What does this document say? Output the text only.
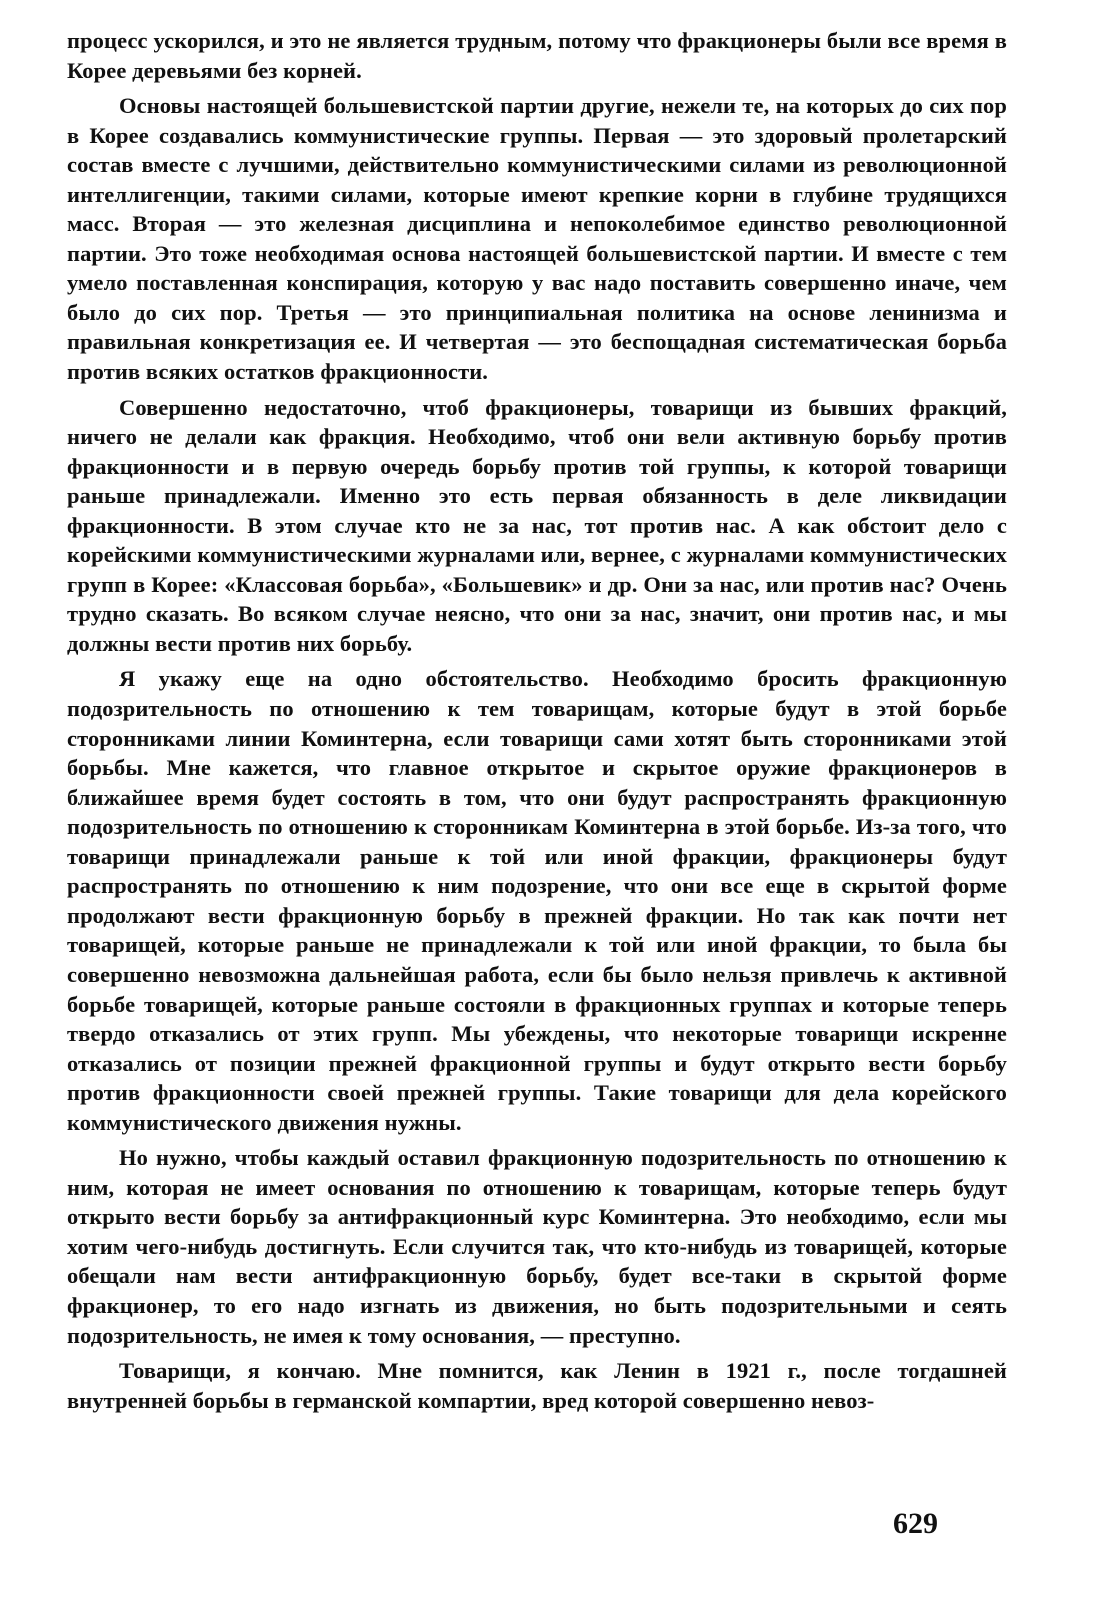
процесс ускорился, и это не является трудным, потому что фракционеры были все время в Корее деревьями без корней.

Основы настоящей большевистской партии другие, нежели те, на которых до сих пор в Корее создавались коммунистические группы. Первая — это здоровый пролетарский состав вместе с лучшими, действительно коммунистическими силами из революционной интеллигенции, такими силами, которые имеют крепкие корни в глубине трудящихся масс. Вторая — это железная дисциплина и непоколебимое единство революционной партии. Это тоже необходимая основа настоящей большевистской партии. И вместе с тем умело поставленная конспирация, которую у вас надо поставить совершенно иначе, чем было до сих пор. Третья — это принципиальная политика на основе ленинизма и правильная конкретизация ее. И четвертая — это беспощадная систематическая борьба против всяких остатков фракционности.

Совершенно недостаточно, чтоб фракционеры, товарищи из бывших фракций, ничего не делали как фракция. Необходимо, чтоб они вели активную борьбу против фракционности и в первую очередь борьбу против той группы, к которой товарищи раньше принадлежали. Именно это есть первая обязанность в деле ликвидации фракционности. В этом случае кто не за нас, тот против нас. А как обстоит дело с корейскими коммунистическими журналами или, вернее, с журналами коммунистических групп в Корее: «Классовая борьба», «Большевик» и др. Они за нас, или против нас? Очень трудно сказать. Во всяком случае неясно, что они за нас, значит, они против нас, и мы должны вести против них борьбу.

Я укажу еще на одно обстоятельство. Необходимо бросить фракционную подозрительность по отношению к тем товарищам, которые будут в этой борьбе сторонниками линии Коминтерна, если товарищи сами хотят быть сторонниками этой борьбы. Мне кажется, что главное открытое и скрытое оружие фракционеров в ближайшее время будет состоять в том, что они будут распространять фракционную подозрительность по отношению к сторонникам Коминтерна в этой борьбе. Из-за того, что товарищи принадлежали раньше к той или иной фракции, фракционеры будут распространять по отношению к ним подозрение, что они все еще в скрытой форме продолжают вести фракционную борьбу в прежней фракции. Но так как почти нет товарищей, которые раньше не принадлежали к той или иной фракции, то была бы совершенно невозможна дальнейшая работа, если бы было нельзя привлечь к активной борьбе товарищей, которые раньше состояли в фракционных группах и которые теперь твердо отказались от этих групп. Мы убеждены, что некоторые товарищи искренне отказались от позиции прежней фракционной группы и будут открыто вести борьбу против фракционности своей прежней группы. Такие товарищи для дела корейского коммунистического движения нужны.

Но нужно, чтобы каждый оставил фракционную подозрительность по отношению к ним, которая не имеет основания по отношению к товарищам, которые теперь будут открыто вести борьбу за антифракционный курс Коминтерна. Это необходимо, если мы хотим чего-нибудь достигнуть. Если случится так, что кто-нибудь из товарищей, которые обещали нам вести антифракционную борьбу, будет все-таки в скрытой форме фракционер, то его надо изгнать из движения, но быть подозрительными и сеять подозрительность, не имея к тому основания, — преступно.

Товарищи, я кончаю. Мне помнится, как Ленин в 1921 г., после тогдашней внутренней борьбы в германской компартии, вред которой совершенно невоз-

629
